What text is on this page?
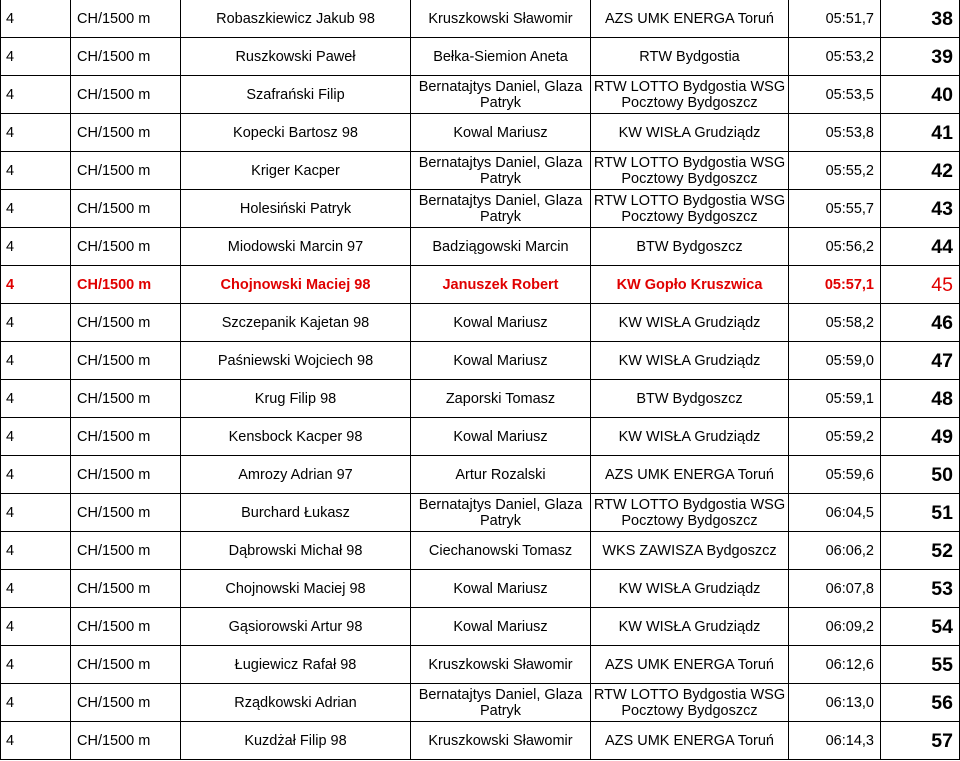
4	CH/1500 m	Robaszkiewicz Jakub 98	Kruszkowski Sławomir	AZS UMK ENERGA Toruń	05:51,7	38

4	CH/1500 m	Ruszkowski Paweł	Bełka-Siemion Aneta	RTW Bydgostia	05:53,2	39

4	CH/1500 m	Szafrański Filip	Bernatajtys Daniel, Glaza Patryk	RTW LOTTO Bydgostia WSG Pocztowy Bydgoszcz	05:53,5	40

4	CH/1500 m	Kopecki Bartosz 98	Kowal Mariusz	KW WISŁA Grudziądz	05:53,8	41

4	CH/1500 m	Kriger Kacper	Bernatajtys Daniel, Glaza Patryk	RTW LOTTO Bydgostia WSG Pocztowy Bydgoszcz	05:55,2	42

4	CH/1500 m	Holesiński Patryk	Bernatajtys Daniel, Glaza Patryk	RTW LOTTO Bydgostia WSG Pocztowy Bydgoszcz	05:55,7	43

4	CH/1500 m	Miodowski Marcin 97	Badziągowski Marcin	BTW Bydgoszcz	05:56,2	44

4	CH/1500 m	Chojnowski Maciej 98	Januszek Robert	KW Gopło Kruszwica	05:57,1	45

4	CH/1500 m	Szczepanik Kajetan 98	Kowal Mariusz	KW WISŁA Grudziądz	05:58,2	46

4	CH/1500 m	Paśniewski Wojciech 98	Kowal Mariusz	KW WISŁA Grudziądz	05:59,0	47

4	CH/1500 m	Krug Filip 98	Zaporski Tomasz	BTW Bydgoszcz	05:59,1	48

4	CH/1500 m	Kensbock Kacper 98	Kowal Mariusz	KW WISŁA Grudziądz	05:59,2	49

4	CH/1500 m	Amrozy Adrian 97	Artur Rozalski	AZS UMK ENERGA Toruń	05:59,6	50

4	CH/1500 m	Burchard Łukasz	Bernatajtys Daniel, Glaza Patryk	RTW LOTTO Bydgostia WSG Pocztowy Bydgoszcz	06:04,5	51

4	CH/1500 m	Dąbrowski Michał 98	Ciechanowski Tomasz	WKS ZAWISZA Bydgoszcz	06:06,2	52

4	CH/1500 m	Chojnowski Maciej 98	Kowal Mariusz	KW WISŁA Grudziądz	06:07,8	53

4	CH/1500 m	Gąsiorowski Artur 98	Kowal Mariusz	KW WISŁA Grudziądz	06:09,2	54

4	CH/1500 m	Ługiewicz Rafał 98	Kruszkowski Sławomir	AZS UMK ENERGA Toruń	06:12,6	55

4	CH/1500 m	Rządkowski Adrian	Bernatajtys Daniel, Glaza Patryk	RTW LOTTO Bydgostia WSG Pocztowy Bydgoszcz	06:13,0	56

4	CH/1500 m	Kuzdżał Filip 98	Kruszkowski Sławomir	AZS UMK ENERGA Toruń	06:14,3	57
